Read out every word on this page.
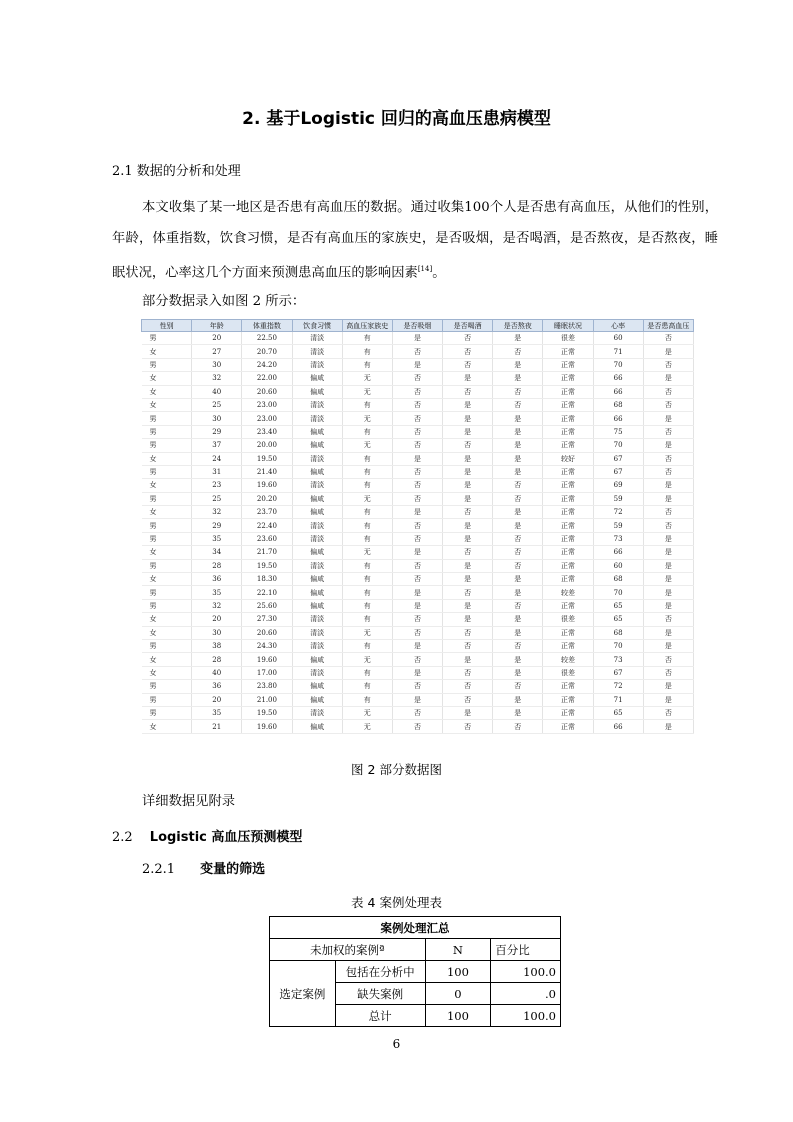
2. 基于Logistic 回归的高血压患病模型
2.1 数据的分析和处理
本文收集了某一地区是否患有高血压的数据。通过收集100个人是否患有高血压，从他们的性别，年龄，体重指数，饮食习惯，是否有高血压的家族史，是否吸烟，是否喝酒，是否熬夜，是否熬夜，睡眠状况，心率这几个方面来预测患高血压的影响因素[14]。
部分数据录入如图 2 所示：
性别	年龄	体重指数	饮食习惯	高血压家族史	是否吸烟	是否喝酒	是否熬夜	睡眠状况	心率	是否患高血压
男	20	22.50	清淡	有	是	否	是	很差	60	否
女	27	20.70	清淡	有	否	否	否	正常	71	是
男	30	24.20	清淡	有	是	否	是	正常	70	否
女	32	22.00	偏咸	无	否	是	是	正常	66	是
女	40	20.60	偏咸	无	否	否	否	正常	66	否
女	25	23.00	清淡	有	否	是	否	正常	68	否
男	30	23.00	清淡	无	否	是	是	正常	66	是
男	29	23.40	偏咸	有	否	是	是	正常	75	否
男	37	20.00	偏咸	无	否	否	是	正常	70	是
女	24	19.50	清淡	有	是	是	是	较好	67	否
男	31	21.40	偏咸	有	否	是	是	正常	67	否
女	23	19.60	清淡	有	否	是	否	正常	69	是
男	25	20.20	偏咸	无	否	是	否	正常	59	是
女	32	23.70	偏咸	有	是	否	是	正常	72	否
男	29	22.40	清淡	有	否	是	是	正常	59	否
男	35	23.60	清淡	有	否	是	否	正常	73	是
女	34	21.70	偏咸	无	是	否	否	正常	66	是
男	28	19.50	清淡	有	否	是	否	正常	60	是
女	36	18.30	偏咸	有	否	是	是	正常	68	是
男	35	22.10	偏咸	有	是	否	是	较差	70	是
男	32	25.60	偏咸	有	是	是	否	正常	65	是
女	20	27.30	清淡	有	否	是	是	很差	65	否
女	30	20.60	清淡	无	否	否	是	正常	68	是
男	38	24.30	清淡	有	是	否	否	正常	70	是
女	28	19.60	偏咸	无	否	是	是	较差	73	否
女	40	17.00	清淡	有	是	否	是	很差	67	否
男	36	23.80	偏咸	有	否	否	否	正常	72	是
男	20	21.00	偏咸	有	是	否	是	正常	71	是
男	35	19.50	清淡	无	否	是	是	正常	65	否
女	21	19.60	偏咸	无	否	否	否	正常	66	是
图 2 部分数据图
详细数据见附录
2.2 Logistic 高血压预测模型
2.2.1 变量的筛选
表 4 案例处理表
案例处理汇总			
未加权的案例ª		N	百分比
选定案例	包括在分析中	100	100.0
	缺失案例	0	.0
	总计	100	100.0
6
